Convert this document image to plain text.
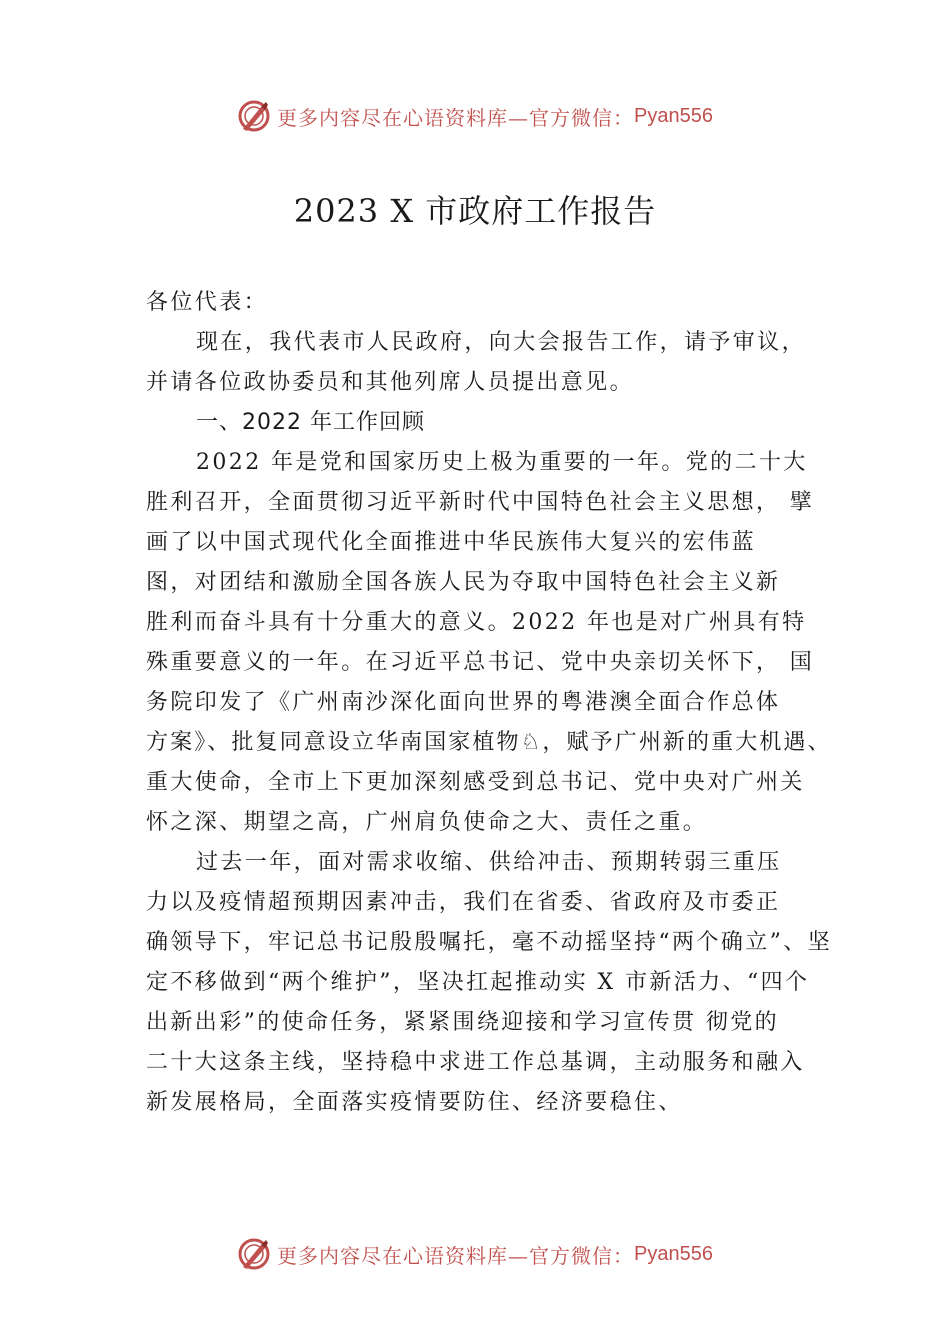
更多内容尽在心语资料库—官方微信： Pyan556
2023 X 市政府工作报告
各位代表：
现在，我代表市人民政府，向大会报告工作，请予审议，
并请各位政协委员和其他列席人员提出意见。
一、2022 年工作回顾
2022 年是党和国家历史上极为重要的一年。党的二十大
胜利召开，全面贯彻习近平新时代中国特色社会主义思想， 擘
画了以中国式现代化全面推进中华民族伟大复兴的宏伟蓝
图，对团结和激励全国各族人民为夺取中国特色社会主义新
胜利而奋斗具有十分重大的意义。2022 年也是对广州具有特
殊重要意义的一年。在习近平总书记、党中央亲切关怀下， 国
务院印发了《广州南沙深化面向世界的粤港澳全面合作总体
方案》、批复同意设立华南国家植物♘，赋予广州新的重大机遇、
重大使命，全市上下更加深刻感受到总书记、党中央对广州关
怀之深、期望之高，广州肩负使命之大、责任之重。
过去一年，面对需求收缩、供给冲击、预期转弱三重压
力以及疫情超预期因素冲击，我们在省委、省政府及市委正
确领导下，牢记总书记殷殷嘱托，毫不动摇坚持“两个确立”、坚
定不移做到“两个维护”，坚决扛起推动实 X 市新活力、“四个
出新出彩”的使命任务，紧紧围绕迎接和学习宣传贯 彻党的
二十大这条主线，坚持稳中求进工作总基调，主动服务和融入
新发展格局，全面落实疫情要防住、经济要稳住、
更多内容尽在心语资料库—官方微信： Pyan556
